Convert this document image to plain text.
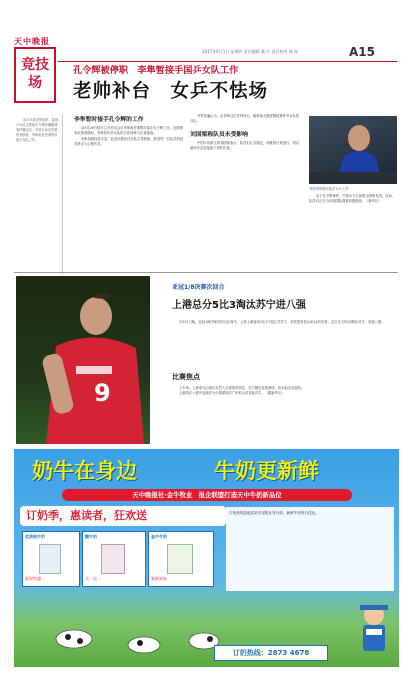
天中晚报
竞技
场
2017年6月1日 星期四 责任编辑 戴 红 责任校对 杨 杨	A15
孔令辉被停职　李隼暂接手国乒女队工作
老帅补台　女乒不怯场

前乒乓球世界冠军、原国乒女队主教练孔令辉涉嫌赌博事件曝光后，中国乒协宣布暂停其职务，李隼临危受命暂时接手女队工作。

李隼暂时接手孔令辉的工作

从5月29日国乒召开总结会后李隼被任命暂时接手孔令辉工作。近期国家队集训期间，李隼将负责女队的日常训练与比赛备战。

李隼执教经验丰富，此前长期担任女队主管教练，熟悉每一位队员的技术特点与心理状态。

外界普遍认为，由李隼这位老帅补台，能够最大限度降低事件对女队的冲击。

刘国梁称队员未受影响

中国乒协副主席刘国梁表示，队员们心态稳定，训练按计划进行，将以最好状态迎接接下来的比赛。

老帅李隼暂时接手女乒工作

由于孔令辉事件，中国女乒日前暂由李隼负责。目前，队员们正在为后续国际赛事积极备战。（新华社）

9
亚冠1/8决赛次回合
上港总分5比3淘汰苏宁进八强

5月31日晚，亚冠1/8决赛次回合比赛中，上海上港客场1比2不敌江苏苏宁，但凭借首回合4比1的优势，以总比分5比3淘汰对手，晋级八强。

比赛焦点

上半场，上港率先由胡尔克罚入点球取得领先，苏宁随后连扳两球，但未能完成逆转。

上港将在八强中迎战同为中超球队的广州恒大或其他对手。（据新华社）

奶牛在身边	牛奶更新鲜
天中晚报社·金牛牧业　报企联盟打造天中牛奶新品位
订奶季，惠读者，狂欢送
优质纯牛奶
限时特惠
酸牛奶
买一送一
金牛牛奶
新鲜到家
订奶热线及配送站详见报社发行部，新鲜牛奶每日送达。
订奶热线：2873 4678
